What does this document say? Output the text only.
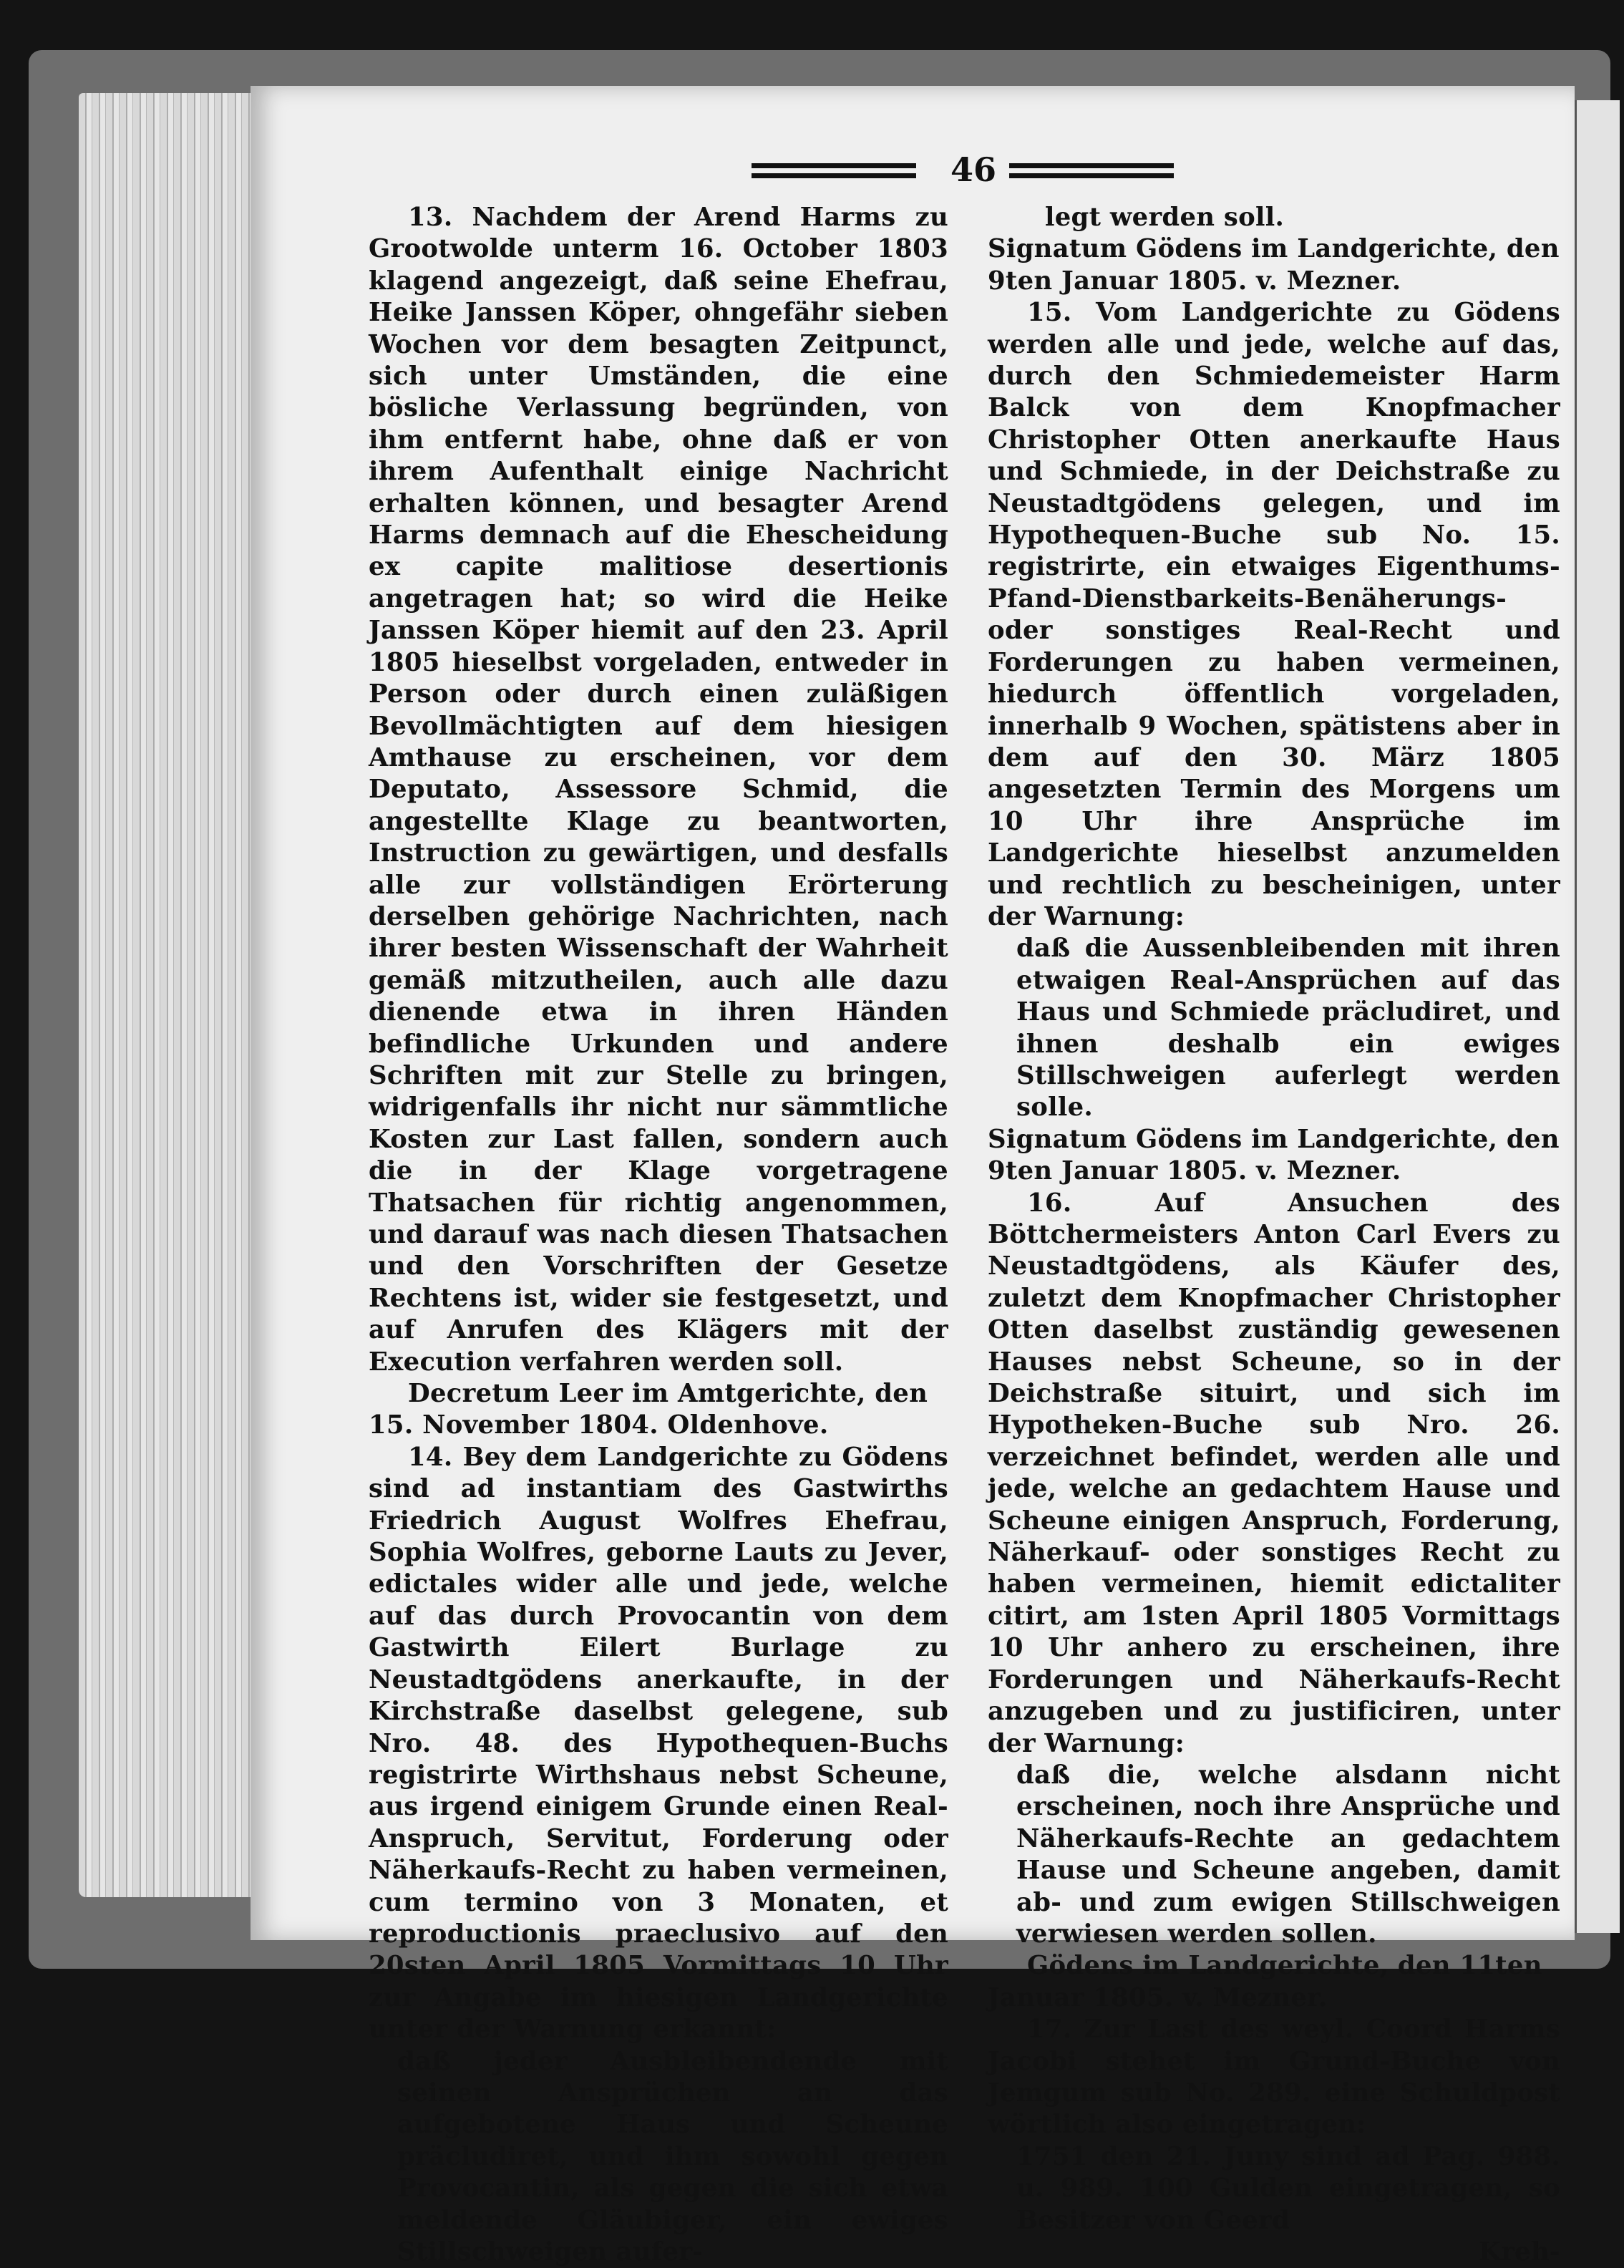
46

13. Nachdem der Arend Harms zu Grootwolde unterm 16. October 1803 klagend angezeigt, daß seine Ehefrau, Heike Janssen Köper, ohngefähr sieben Wochen vor dem besagten Zeitpunct, sich unter Umständen, die eine bösliche Verlassung begründen, von ihm entfernt habe, ohne daß er von ihrem Aufenthalt einige Nachricht erhalten können, und besagter Arend Harms demnach auf die Ehescheidung ex capite malitiose desertionis angetragen hat; so wird die Heike Janssen Köper hiemit auf den 23. April 1805 hieselbst vorgeladen, entweder in Person oder durch einen zuläßigen Bevollmächtigten auf dem hiesigen Amthause zu erscheinen, vor dem Deputato, Assessore Schmid, die angestellte Klage zu beantworten, Instruction zu gewärtigen, und desfalls alle zur vollständigen Erörterung derselben gehörige Nachrichten, nach ihrer besten Wissenschaft der Wahrheit gemäß mitzutheilen, auch alle dazu dienende etwa in ihren Händen befindliche Urkunden und andere Schriften mit zur Stelle zu bringen, widrigenfalls ihr nicht nur sämmtliche Kosten zur Last fallen, sondern auch die in der Klage vorgetragene Thatsachen für richtig angenommen, und darauf was nach diesen Thatsachen und den Vorschriften der Gesetze Rechtens ist, wider sie festgesetzt, und auf Anrufen des Klägers mit der Execution verfahren werden soll.

Decretum Leer im Amtgerichte, den 15. November 1804. Oldenhove.

14. Bey dem Landgerichte zu Gödens sind ad instantiam des Gastwirths Friedrich August Wolfres Ehefrau, Sophia Wolfres, geborne Lauts zu Jever, edictales wider alle und jede, welche auf das durch Provocantin von dem Gastwirth Eilert Burlage zu Neustadtgödens anerkaufte, in der Kirchstraße daselbst gelegene, sub Nro. 48. des Hypothequen-Buchs registrirte Wirthshaus nebst Scheune, aus irgend einigem Grunde einen Real-Anspruch, Servitut, Forderung oder Näherkaufs-Recht zu haben vermeinen, cum termino von 3 Monaten, et reproductionis praeclusivo auf den 20sten April 1805 Vormittags 10 Uhr zur Angabe im hiesigen Landgerichte unter der Warnung erkannt:

daß jeder Ausbleibendende mit seinen Ansprüchen an das aufgebotene Haus und Scheune präcludiret, und ihm sowohl gegen Provocantin, als gegen die sich etwa meldende Gläubiger, ein ewiges Stillschweigen aufer-

legt werden soll.

Signatum Gödens im Landgerichte, den 9ten Januar 1805. v. Mezner.

15. Vom Landgerichte zu Gödens werden alle und jede, welche auf das, durch den Schmiedemeister Harm Balck von dem Knopfmacher Christopher Otten anerkaufte Haus und Schmiede, in der Deichstraße zu Neustadtgödens gelegen, und im Hypothequen-Buche sub No. 15. registrirte, ein etwaiges Eigenthums-Pfand-Dienstbarkeits-Benäherungs- oder sonstiges Real-Recht und Forderungen zu haben vermeinen, hiedurch öffentlich vorgeladen, innerhalb 9 Wochen, spätistens aber in dem auf den 30. März 1805 angesetzten Termin des Morgens um 10 Uhr ihre Ansprüche im Landgerichte hieselbst anzumelden und rechtlich zu bescheinigen, unter der Warnung:

daß die Aussenbleibenden mit ihren etwaigen Real-Ansprüchen auf das Haus und Schmiede präcludiret, und ihnen deshalb ein ewiges Stillschweigen auferlegt werden solle.

Signatum Gödens im Landgerichte, den 9ten Januar 1805. v. Mezner.

16. Auf Ansuchen des Böttchermeisters Anton Carl Evers zu Neustadtgödens, als Käufer des, zuletzt dem Knopfmacher Christopher Otten daselbst zuständig gewesenen Hauses nebst Scheune, so in der Deichstraße situirt, und sich im Hypotheken-Buche sub Nro. 26. verzeichnet befindet, werden alle und jede, welche an gedachtem Hause und Scheune einigen Anspruch, Forderung, Näherkauf- oder sonstiges Recht zu haben vermeinen, hiemit edictaliter citirt, am 1sten April 1805 Vormittags 10 Uhr anhero zu erscheinen, ihre Forderungen und Näherkaufs-Recht anzugeben und zu justificiren, unter der Warnung:

daß die, welche alsdann nicht erscheinen, noch ihre Ansprüche und Näherkaufs-Rechte an gedachtem Hause und Scheune angeben, damit ab- und zum ewigen Stillschweigen verwiesen werden sollen.

Gödens im Landgerichte, den 11ten Januar 1805. v. Mezner.

17. Zur Last des weyl. Coord Harms Jacobi stehet im Grund-Buche von Jemgum sub No. 289. eine Schuldpost wörtlich also eingetragen:

1751 den 21. Juny sind ad Pag. 988. u. 989. 100 Gulden eingetragen, so Besitzer von Geerd

Kreh-
